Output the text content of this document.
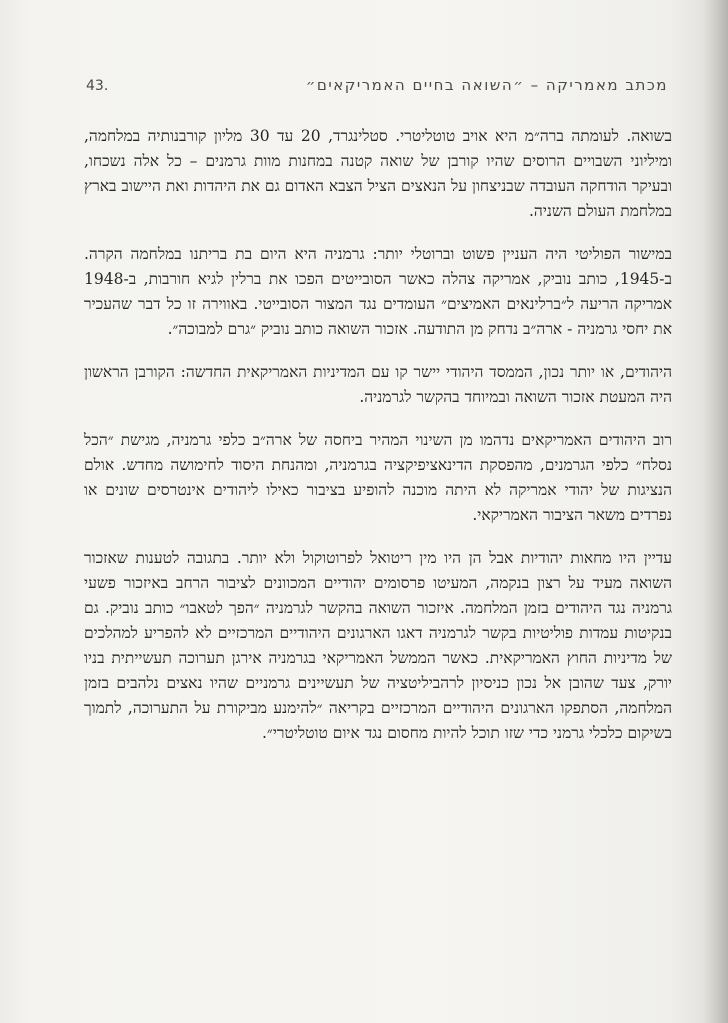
מכתב מאמריקה – ״השואה בחיים האמריקאים״
43.

בשואה. לעומתה ברה״מ היא אויב טוטליטרי. סטלינגרד, 20 עד 30 מליון קורבנותיה במלחמה, ומיליוני השבויים הרוסים שהיו קורבן של שואה קטנה במחנות מוות גרמנים – כל אלה נשכחו, ובעיקר הודחקה העובדה שבניצחון על הנאצים הציל הצבא האדום גם את היהדות ואת היישוב בארץ במלחמת העולם השניה.

במישור הפוליטי היה העניין פשוט וברוטלי יותר: גרמניה היא היום בת בריתנו במלחמה הקרה. ב-1945, כותב נוביק, אמריקה צהלה כאשר הסובייטים הפכו את ברלין לגיא חורבות, ב-1948 אמריקה הריעה ל״ברלינאים האמיצים״ העומדים נגד המצור הסובייטי. באווירה זו כל דבר שהעכיר את יחסי גרמניה - ארה״ב נדחק מן התודעה. אזכור השואה כותב נוביק ״גרם למבוכה״.

היהודים, או יותר נכון, הממסד היהודי יישר קו עם המדיניות האמריקאית החדשה: הקורבן הראשון היה המעטת אזכור השואה ובמיוחד בהקשר לגרמניה.

רוב היהודים האמריקאים נדהמו מן השינוי המהיר ביחסה של ארה״ב כלפי גרמניה, מגישת ״הכל נסלח״ כלפי הגרמנים, מהפסקת הדינאציפיקציה בגרמניה, ומהנחת היסוד לחימושה מחדש. אולם הנציגות של יהודי אמריקה לא היתה מוכנה להופיע בציבור כאילו ליהודים אינטרסים שונים או נפרדים משאר הציבור האמריקאי.

עדיין היו מחאות יהודיות אבל הן היו מין ריטואל לפרוטוקול ולא יותר. בתגובה לטענות שאזכור השואה מעיד על רצון בנקמה, המעיטו פרסומים יהודיים המכוונים לציבור הרחב באיזכור פשעי גרמניה נגד היהודים בזמן המלחמה. איזכור השואה בהקשר לגרמניה ״הפך לטאבו״ כותב נוביק. גם בנקיטות עמדות פוליטיות בקשר לגרמניה דאגו הארגונים היהודיים המרכזיים לא להפריע למהלכים של מדיניות החוץ האמריקאית. כאשר הממשל האמריקאי בגרמניה אירגן תערוכה תעשייתית בניו יורק, צעד שהובן אל נכון כניסיון לרהביליטציה של תעשיינים גרמניים שהיו נאצים נלהבים בזמן המלחמה, הסתפקו הארגונים היהודיים המרכזיים בקריאה ״להימנע מביקורת על התערוכה, לתמוך בשיקום כלכלי גרמני כדי שזו תוכל להיות מחסום נגד איום טוטליטרי״.
